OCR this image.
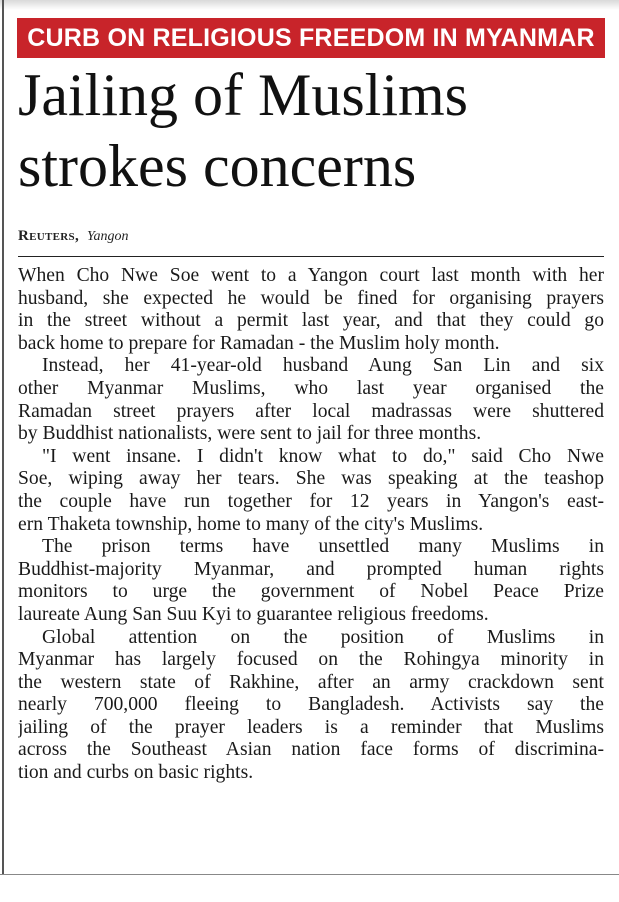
CURB ON RELIGIOUS FREEDOM IN MYANMAR
Jailing of Muslims
strokes concerns
Reuters, Yangon
When Cho Nwe Soe went to a Yangon court last month with her
husband, she expected he would be fined for organising prayers
in the street without a permit last year, and that they could go
back home to prepare for Ramadan - the Muslim holy month.
Instead, her 41-year-old husband Aung San Lin and six
other Myanmar Muslims, who last year organised the
Ramadan street prayers after local madrassas were shuttered
by Buddhist nationalists, were sent to jail for three months.
"I went insane. I didn't know what to do," said Cho Nwe
Soe, wiping away her tears. She was speaking at the teashop
the couple have run together for 12 years in Yangon's east-
ern Thaketa township, home to many of the city's Muslims.
The prison terms have unsettled many Muslims in
Buddhist-majority Myanmar, and prompted human rights
monitors to urge the government of Nobel Peace Prize
laureate Aung San Suu Kyi to guarantee religious freedoms.
Global attention on the position of Muslims in
Myanmar has largely focused on the Rohingya minority in
the western state of Rakhine, after an army crackdown sent
nearly 700,000 fleeing to Bangladesh. Activists say the
jailing of the prayer leaders is a reminder that Muslims
across the Southeast Asian nation face forms of discrimina-
tion and curbs on basic rights.
